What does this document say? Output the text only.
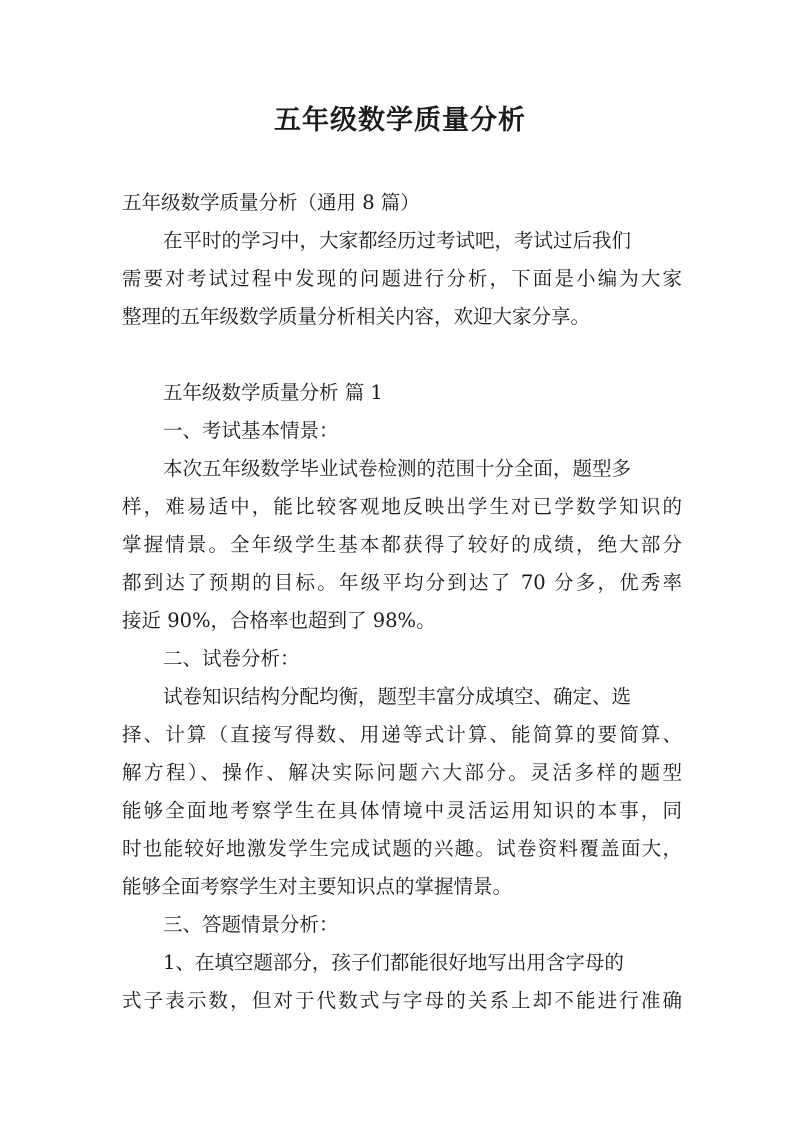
五年级数学质量分析
五年级数学质量分析（通用 8 篇）
在平时的学习中，大家都经历过考试吧，考试过后我们
需要对考试过程中发现的问题进行分析，下面是小编为大家
整理的五年级数学质量分析相关内容，欢迎大家分享。
五年级数学质量分析 篇 1
一、考试基本情景：
本次五年级数学毕业试卷检测的范围十分全面，题型多
样，难易适中，能比较客观地反映出学生对已学数学知识的
掌握情景。全年级学生基本都获得了较好的成绩，绝大部分
都到达了预期的目标。年级平均分到达了 70 分多，优秀率
接近 90%，合格率也超到了 98%。
二、试卷分析：
试卷知识结构分配均衡，题型丰富分成填空、确定、选
择、计算（直接写得数、用递等式计算、能简算的要简算、
解方程）、操作、解决实际问题六大部分。灵活多样的题型
能够全面地考察学生在具体情境中灵活运用知识的本事，同
时也能较好地激发学生完成试题的兴趣。试卷资料覆盖面大，
能够全面考察学生对主要知识点的掌握情景。
三、答题情景分析：
1、在填空题部分，孩子们都能很好地写出用含字母的
式子表示数，但对于代数式与字母的关系上却不能进行准确
